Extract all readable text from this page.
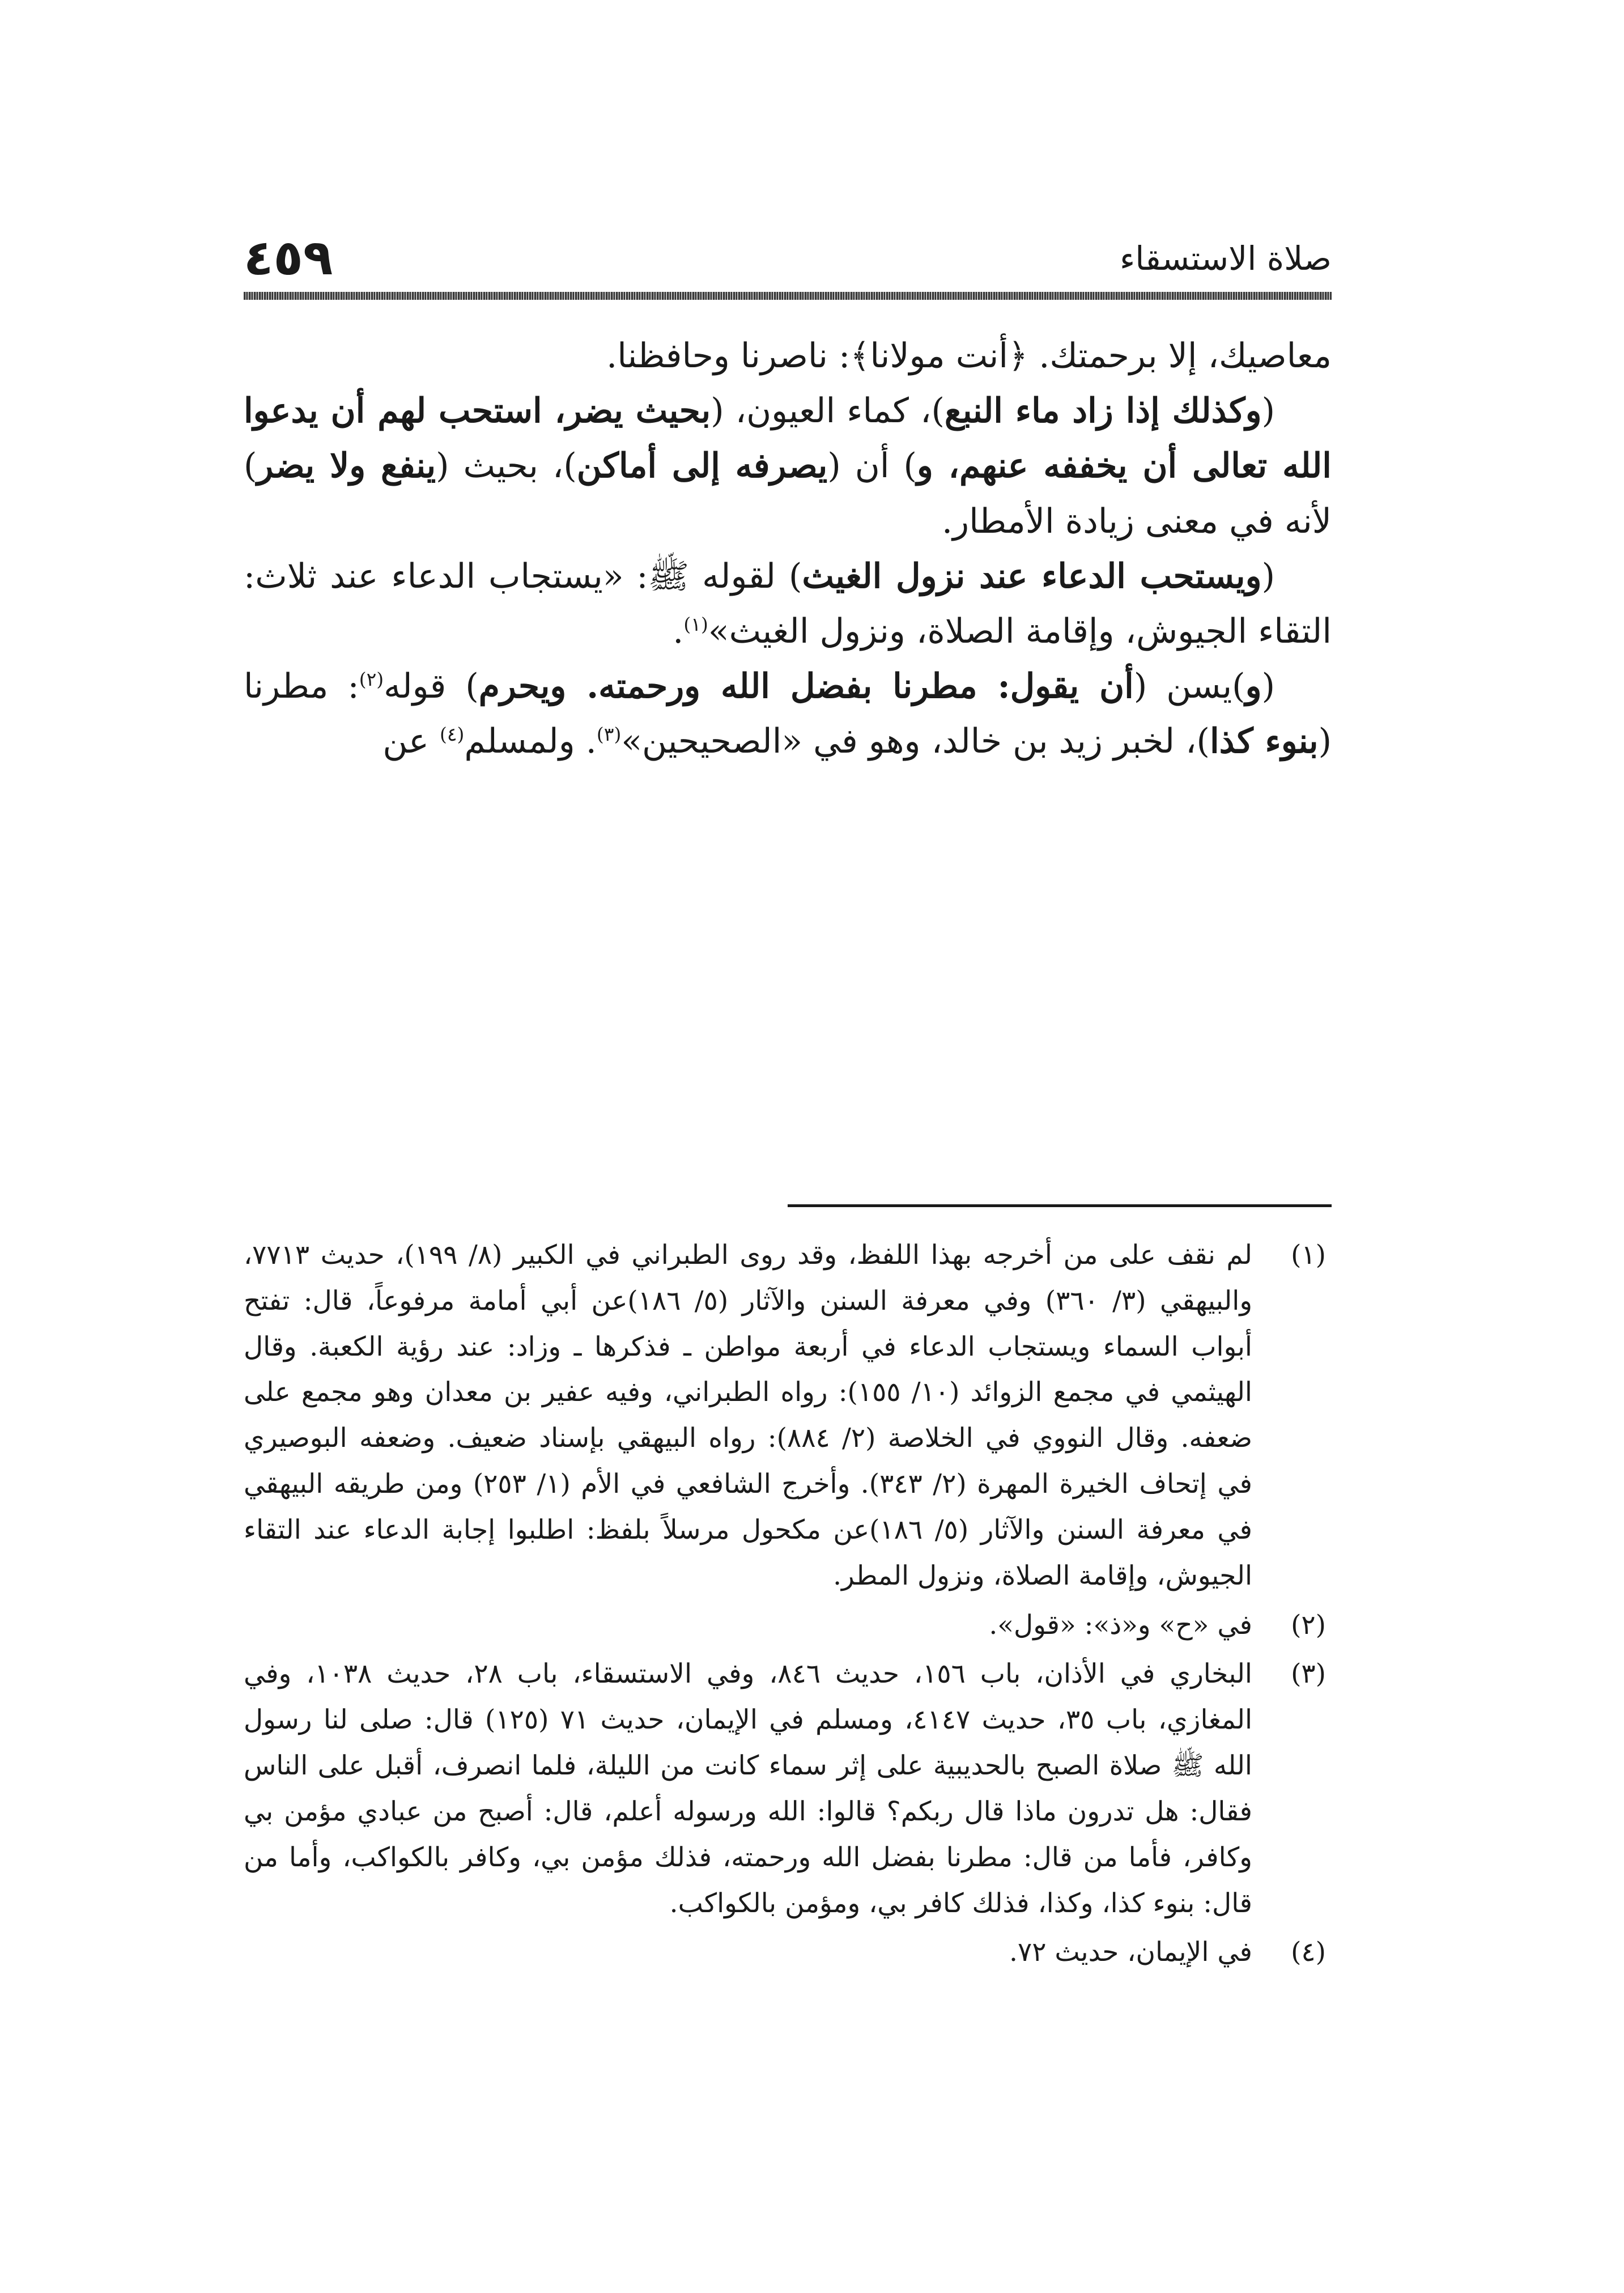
٤٥٩	صلاة الاستسقاء

معاصيك، إلا برحمتك. ﴿أنت مولانا﴾: ناصرنا وحافظنا.

(وكذلك إذا زاد ماء النبع)، كماء العيون، (بحيث يضر، استحب لهم أن يدعوا الله تعالى أن يخففه عنهم، و) أن (يصرفه إلى أماكن)، بحيث (ينفع ولا يضر) لأنه في معنى زيادة الأمطار.

(ويستحب الدعاء عند نزول الغيث) لقوله ﷺ: «يستجاب الدعاء عند ثلاث: التقاء الجيوش، وإقامة الصلاة، ونزول الغيث»$^{(١)}$.

(و)يسن (أن يقول: مطرنا بفضل الله ورحمته. ويحرم) قوله$^{(٢)}$: مطرنا (بنوء كذا)، لخبر زيد بن خالد، وهو في «الصحيحين»$^{(٣)}$. ولمسلم$^{(٤)}$ عن

(١)
لم نقف على من أخرجه بهذا اللفظ، وقد روى الطبراني في الكبير (٨/ ١٩٩)، حديث ٧٧١٣، والبيهقي (٣/ ٣٦٠) وفي معرفة السنن والآثار (٥/ ١٨٦)عن أبي أمامة مرفوعاً، قال: تفتح أبواب السماء ويستجاب الدعاء في أربعة مواطن ـ فذكرها ـ وزاد: عند رؤية الكعبة. وقال الهيثمي في مجمع الزوائد (١٠/ ١٥٥): رواه الطبراني، وفيه عفير بن معدان وهو مجمع على ضعفه. وقال النووي في الخلاصة (٢/ ٨٨٤): رواه البيهقي بإسناد ضعيف. وضعفه البوصيري في إتحاف الخيرة المهرة (٢/ ٣٤٣). وأخرج الشافعي في الأم (١/ ٢٥٣) ومن طريقه البيهقي في معرفة السنن والآثار (٥/ ١٨٦)عن مكحول مرسلاً بلفظ: اطلبوا إجابة الدعاء عند التقاء الجيوش، وإقامة الصلاة، ونزول المطر.
(٢)
في «ح» و«ذ»: «قول».
(٣)
البخاري في الأذان، باب ١٥٦، حديث ٨٤٦، وفي الاستسقاء، باب ٢٨، حديث ١٠٣٨، وفي المغازي، باب ٣٥، حديث ٤١٤٧، ومسلم في الإيمان، حديث ٧١ (١٢٥) قال: صلى لنا رسول الله ﷺ صلاة الصبح بالحديبية على إثر سماء كانت من الليلة، فلما انصرف، أقبل على الناس فقال: هل تدرون ماذا قال ربكم؟ قالوا: الله ورسوله أعلم، قال: أصبح من عبادي مؤمن بي وكافر، فأما من قال: مطرنا بفضل الله ورحمته، فذلك مؤمن بي، وكافر بالكواكب، وأما من قال: بنوء كذا، وكذا، فذلك كافر بي، ومؤمن بالكواكب.
(٤)
في الإيمان، حديث ٧٢.
